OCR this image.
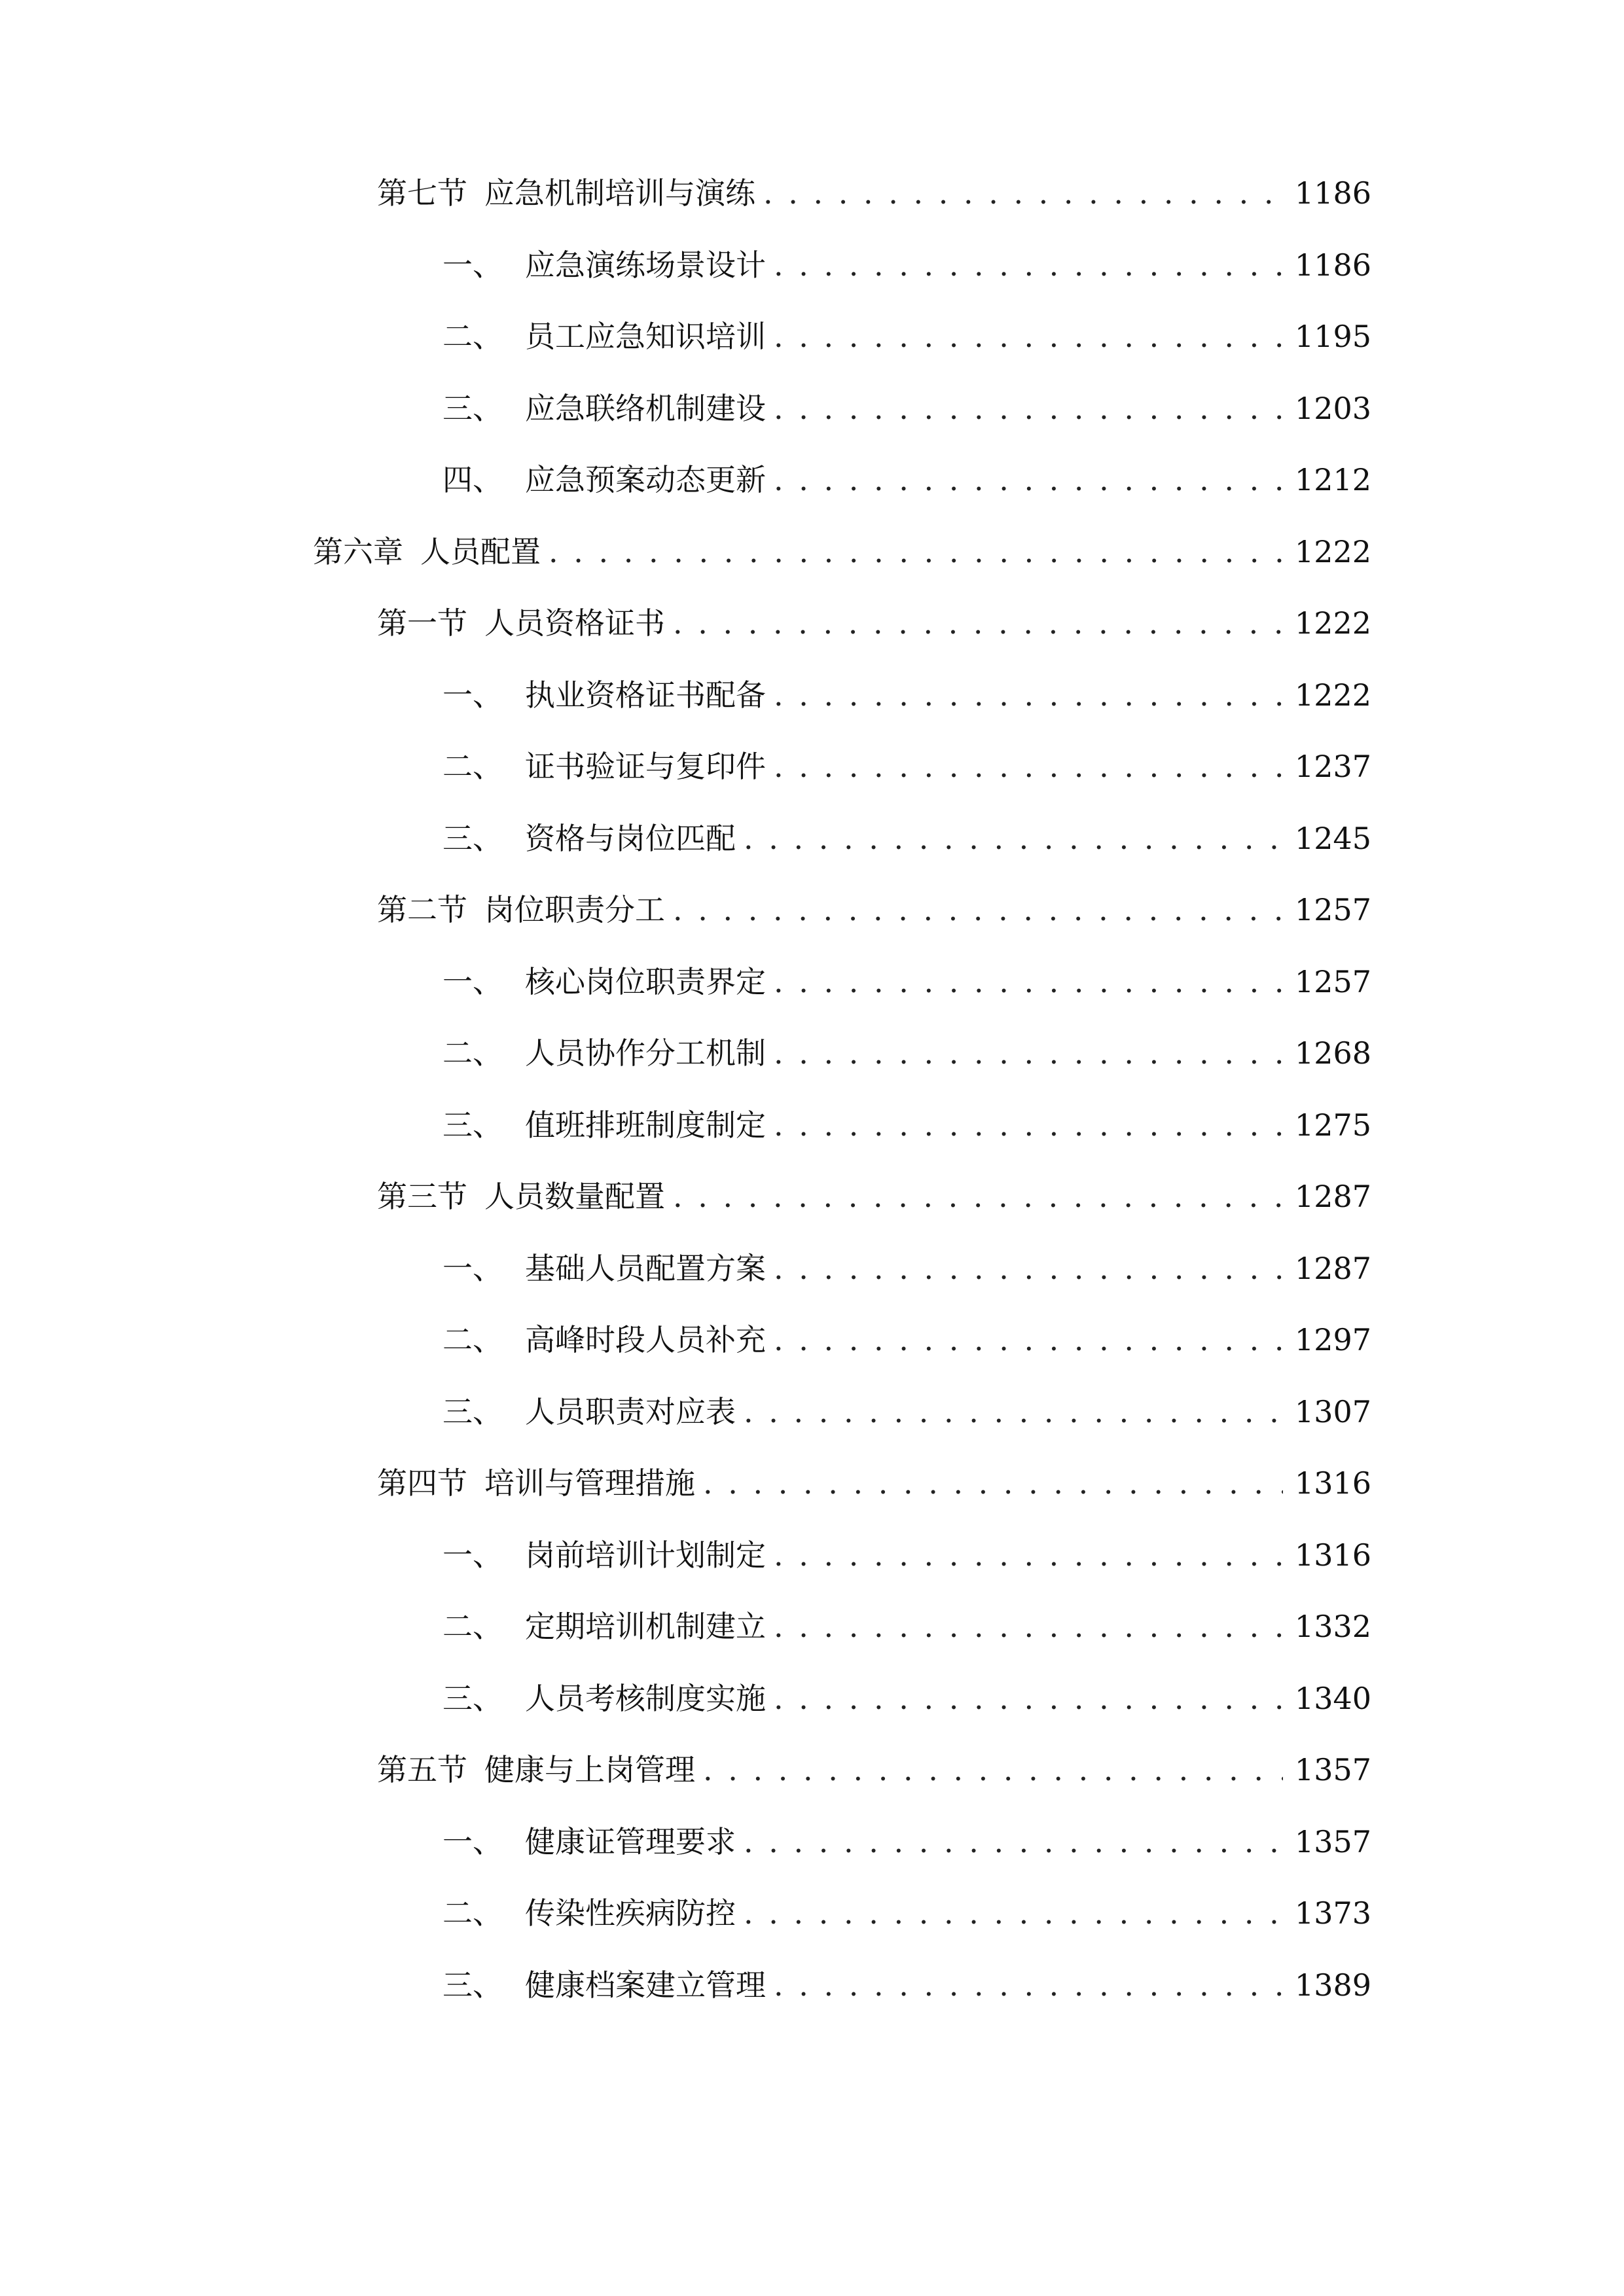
第七节 应急机制培训与演练 . . .	1186
一、 应急演练场景设计 . . .	1186
二、 员工应急知识培训 . . .	1195
三、 应急联络机制建设 . . .	1203
四、 应急预案动态更新 . . .	1212
第六章 人员配置 . . .	1222
第一节 人员资格证书 . . .	1222
一、 执业资格证书配备 . . .	1222
二、 证书验证与复印件 . . .	1237
三、 资格与岗位匹配 . . .	1245
第二节 岗位职责分工 . . .	1257
一、 核心岗位职责界定 . . .	1257
二、 人员协作分工机制 . . .	1268
三、 值班排班制度制定 . . .	1275
第三节 人员数量配置 . . .	1287
一、 基础人员配置方案 . . .	1287
二、 高峰时段人员补充 . . .	1297
三、 人员职责对应表 . . .	1307
第四节 培训与管理措施 . . .	1316
一、 岗前培训计划制定 . . .	1316
二、 定期培训机制建立 . . .	1332
三、 人员考核制度实施 . . .	1340
第五节 健康与上岗管理 . . .	1357
一、 健康证管理要求 . . .	1357
二、 传染性疾病防控 . . .	1373
三、 健康档案建立管理 . . .	1389
